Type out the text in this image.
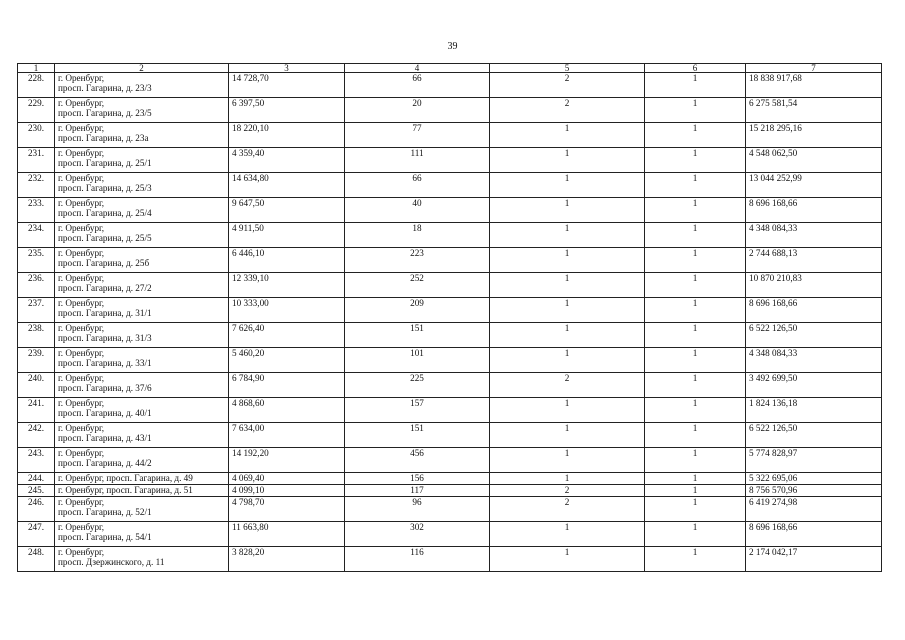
39
1	2	3	4	5	6	7
228.	г. Оренбург,
просп. Гагарина, д. 23/3	14 728,70	66	2	1	18 838 917,68
229.	г. Оренбург,
просп. Гагарина, д. 23/5	6 397,50	20	2	1	6 275 581,54
230.	г. Оренбург,
просп. Гагарина, д. 23а	18 220,10	77	1	1	15 218 295,16
231.	г. Оренбург,
просп. Гагарина, д. 25/1	4 359,40	111	1	1	4 548 062,50
232.	г. Оренбург,
просп. Гагарина, д. 25/3	14 634,80	66	1	1	13 044 252,99
233.	г. Оренбург,
просп. Гагарина, д. 25/4	9 647,50	40	1	1	8 696 168,66
234.	г. Оренбург,
просп. Гагарина, д. 25/5	4 911,50	18	1	1	4 348 084,33
235.	г. Оренбург,
просп. Гагарина, д. 25б	6 446,10	223	1	1	2 744 688,13
236.	г. Оренбург,
просп. Гагарина, д. 27/2	12 339,10	252	1	1	10 870 210,83
237.	г. Оренбург,
просп. Гагарина, д. 31/1	10 333,00	209	1	1	8 696 168,66
238.	г. Оренбург,
просп. Гагарина, д. 31/3	7 626,40	151	1	1	6 522 126,50
239.	г. Оренбург,
просп. Гагарина, д. 33/1	5 460,20	101	1	1	4 348 084,33
240.	г. Оренбург,
просп. Гагарина, д. 37/6	6 784,90	225	2	1	3 492 699,50
241.	г. Оренбург,
просп. Гагарина, д. 40/1	4 868,60	157	1	1	1 824 136,18
242.	г. Оренбург,
просп. Гагарина, д. 43/1	7 634,00	151	1	1	6 522 126,50
243.	г. Оренбург,
просп. Гагарина, д. 44/2	14 192,20	456	1	1	5 774 828,97
244.	г. Оренбург, просп. Гагарина, д. 49	4 069,40	156	1	1	5 322 695,06
245.	г. Оренбург, просп. Гагарина, д. 51	4 099,10	117	2	1	8 756 570,96
246.	г. Оренбург,
просп. Гагарина, д. 52/1	4 798,70	96	2	1	6 419 274,98
247.	г. Оренбург,
просп. Гагарина, д. 54/1	11 663,80	302	1	1	8 696 168,66
248.	г. Оренбург,
просп. Дзержинского, д. 11	3 828,20	116	1	1	2 174 042,17
